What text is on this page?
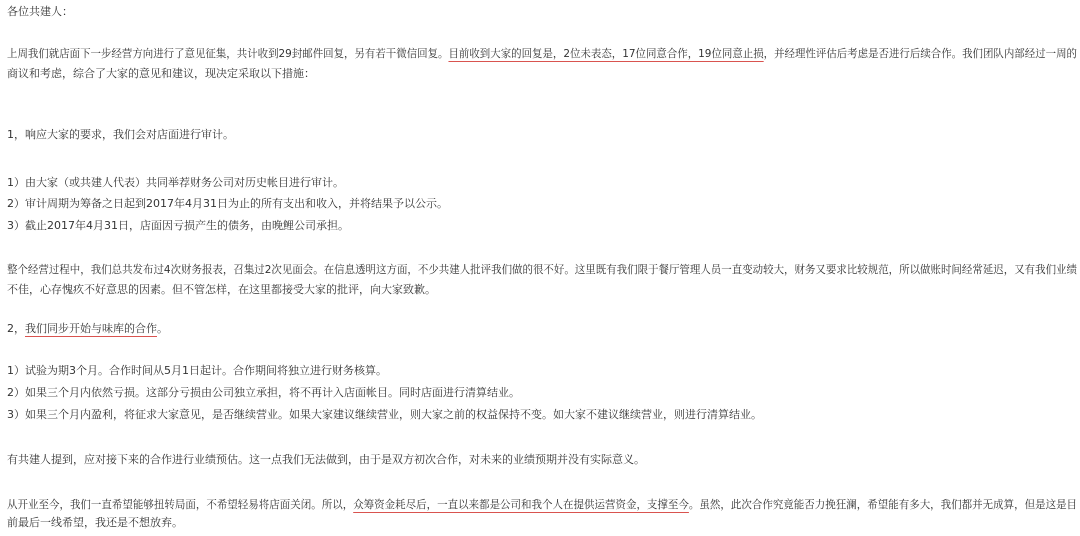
各位共建人：
上周我们就店面下一步经营方向进行了意见征集，共计收到29封邮件回复，另有若干微信回复。目前收到大家的回复是，2位未表态，17位同意合作，19位同意止损，并经理性评估后考虑是否进行后续合作。我们团队内部经过一周的
商议和考虑，综合了大家的意见和建议，现决定采取以下措施：
1，响应大家的要求，我们会对店面进行审计。
1）由大家（或共建人代表）共同举荐财务公司对历史帐目进行审计。
2）审计周期为筹备之日起到2017年4月31日为止的所有支出和收入，并将结果予以公示。
3）截止2017年4月31日，店面因亏损产生的债务，由晚鲤公司承担。
整个经营过程中，我们总共发布过4次财务报表，召集过2次见面会。在信息透明这方面，不少共建人批评我们做的很不好。这里既有我们限于餐厅管理人员一直变动较大，财务又要求比较规范，所以做账时间经常延迟，又有我们业绩
不佳，心存愧疚不好意思的因素。但不管怎样，在这里都接受大家的批评，向大家致歉。
2，我们同步开始与味库的合作。
1）试验为期3个月。合作时间从5月1日起计。合作期间将独立进行财务核算。
2）如果三个月内依然亏损。这部分亏损由公司独立承担，将不再计入店面帐目。同时店面进行清算结业。
3）如果三个月内盈利，将征求大家意见，是否继续营业。如果大家建议继续营业，则大家之前的权益保持不变。如大家不建议继续营业，则进行清算结业。
有共建人提到，应对接下来的合作进行业绩预估。这一点我们无法做到，由于是双方初次合作，对未来的业绩预期并没有实际意义。
从开业至今，我们一直希望能够扭转局面，不希望轻易将店面关闭。所以，众筹资金耗尽后，一直以来都是公司和我个人在提供运营资金，支撑至今。虽然，此次合作究竟能否力挽狂澜，希望能有多大，我们都并无成算，但是这是目
前最后一线希望，我还是不想放弃。
